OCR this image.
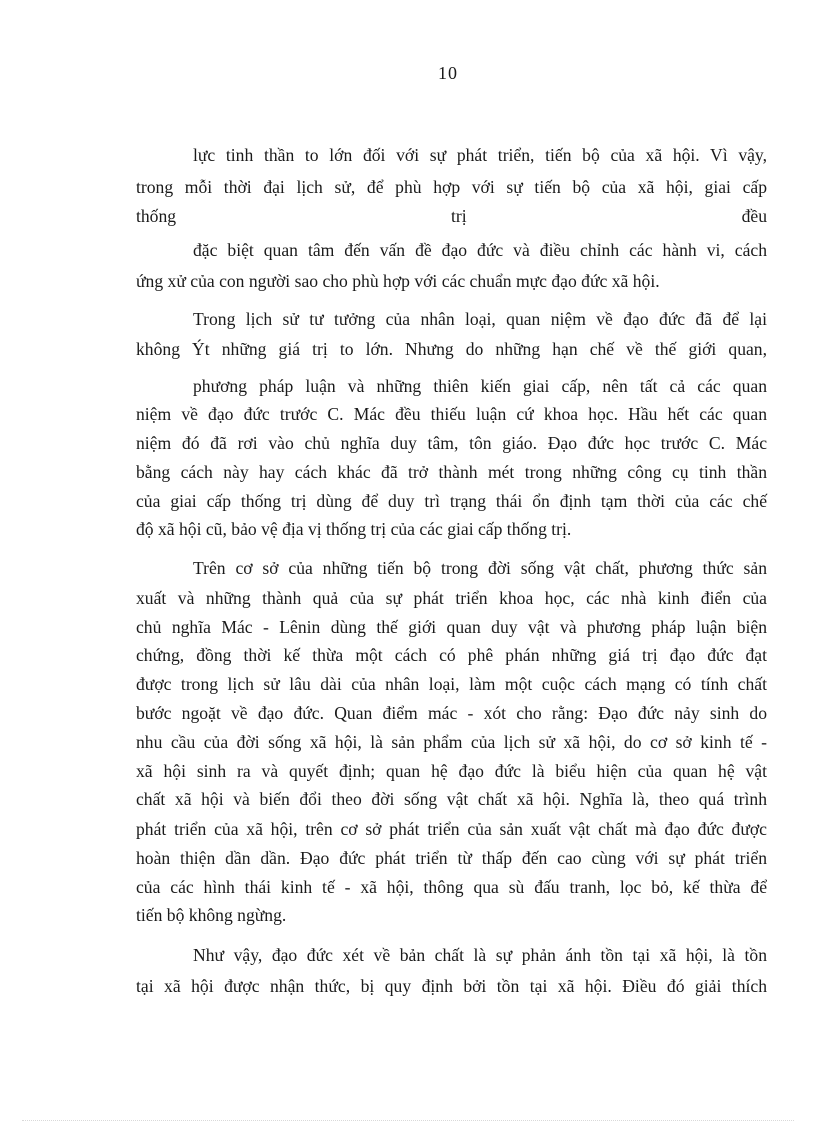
10
lực tinh thần to lớn đối với sự phát triển, tiến bộ của xã hội. Vì vậy,
trong mỗi thời đại lịch sử, để phù hợp với sự tiến bộ của xã hội, giai cấp
thống trị đều
đặc biệt quan tâm đến vấn đề đạo đức và điều chỉnh các hành vi, cách
ứng xử của con người sao cho phù hợp với các chuẩn mực đạo đức xã hội.
Trong lịch sử tư tưởng của nhân loại, quan niệm về đạo đức đã để lại
không Ýt những giá trị to lớn. Nhưng do những hạn chế về thế giới quan,
phương pháp luận và những thiên kiến giai cấp, nên tất cả các quan
niệm về đạo đức trước C. Mác đều thiếu luận cứ khoa học. Hầu hết các quan
niệm đó đã rơi vào chủ nghĩa duy tâm, tôn giáo. Đạo đức học trước C. Mác
bằng cách này hay cách khác đã trở thành mét trong những công cụ tinh thần
của giai cấp thống trị dùng để duy trì trạng thái ổn định tạm thời của các chế
độ xã hội cũ, bảo vệ địa vị thống trị của các giai cấp thống trị.
Trên cơ sở của những tiến bộ trong đời sống vật chất, phương thức sản
xuất và những thành quả của sự phát triển khoa học, các nhà kinh điển của
chủ nghĩa Mác - Lênin dùng thế giới quan duy vật và phương pháp luận biện
chứng, đồng thời kế thừa một cách có phê phán những giá trị đạo đức đạt
được trong lịch sử lâu dài của nhân loại, làm một cuộc cách mạng có tính chất
bước ngoặt về đạo đức. Quan điểm mác - xót cho rằng: Đạo đức nảy sinh do
nhu cầu của đời sống xã hội, là sản phẩm của lịch sử xã hội, do cơ sở kinh tế -
xã hội sinh ra và quyết định; quan hệ đạo đức là biểu hiện của quan hệ vật
chất xã hội và biến đổi theo đời sống vật chất xã hội. Nghĩa là, theo quá trình
phát triển của xã hội, trên cơ sở phát triển của sản xuất vật chất mà đạo đức được
hoàn thiện dần dần. Đạo đức phát triển từ thấp đến cao cùng với sự phát triển
của các hình thái kinh tế - xã hội, thông qua sù đấu tranh, lọc bỏ, kế thừa để
tiến bộ không ngừng.
Như vậy, đạo đức xét về bản chất là sự phản ánh tồn tại xã hội, là tồn
tại xã hội được nhận thức, bị quy định bởi tồn tại xã hội. Điều đó giải thích
